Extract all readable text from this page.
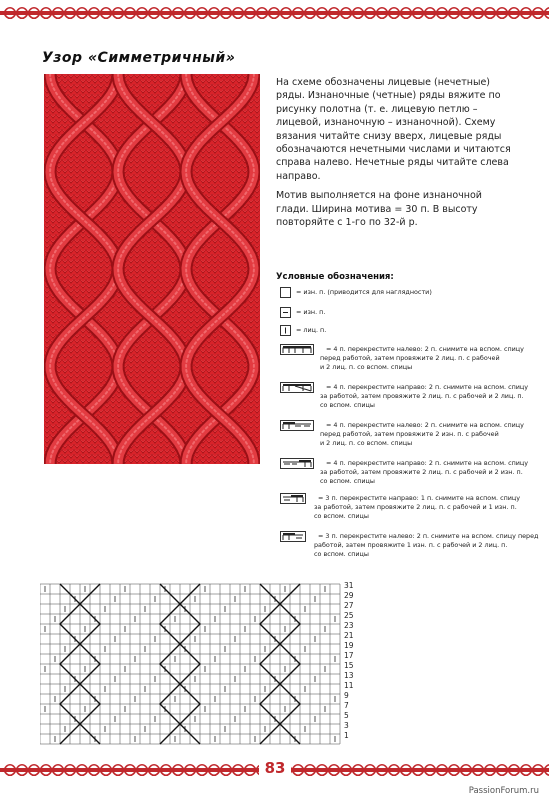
Узор «Симметричный»

На схеме обозначены лицевые (нечетные) ряды. Изнаночные (четные) ряды вяжите по рисунку полотна (т. е. лицевую петлю – лицевой, изнаночную – изнаночной). Схему вязания читайте снизу вверх, лицевые ряды обозначаются нечетными числами и читаются справа налево. Нечетные ряды читайте слева направо.

Мотив выполняется на фоне изнаночной глади. Ширина мотива = 30 п. В высоту повторяйте с 1-го по 32-й р.

Условные обозначения:
= изн. п. (приводится для наглядности)
= изн. п.
= лиц. п.
= 4 п. перекрестите налево: 2 п. снимите на вспом. спицу
перед работой, затем провяжите 2 лиц. п. с рабочей
и 2 лиц. п. со вспом. спицы
= 4 п. перекрестите направо: 2 п. снимите на вспом. спицу
за работой, затем провяжите 2 лиц. п. с рабочей и 2 лиц. п.
со вспом. спицы
= 4 п. перекрестите налево: 2 п. снимите на вспом. спицу
перед работой, затем провяжите 2 изн. п. с рабочей
и 2 лиц. п. со вспом. спицы
= 4 п. перекрестите направо: 2 п. снимите на вспом. спицу
за работой, затем провяжите 2 лиц. п. с рабочей и 2 изн. п.
со вспом. спицы
= 3 п. перекрестите направо: 1 п. снимите на вспом. спицу
за работой, затем провяжите 2 лиц. п. с рабочей и 1 изн. п.
со вспом. спицы
= 3 п. перекрестите налево: 2 п. снимите на вспом. спицу перед
работой, затем провяжите 1 изн. п. с рабочей и 2 лиц. п.
со вспом. спицы
31
29
27
25
23
21
19
17
15
13
11
9
7
5
3
1
83
PassionForum.ru
